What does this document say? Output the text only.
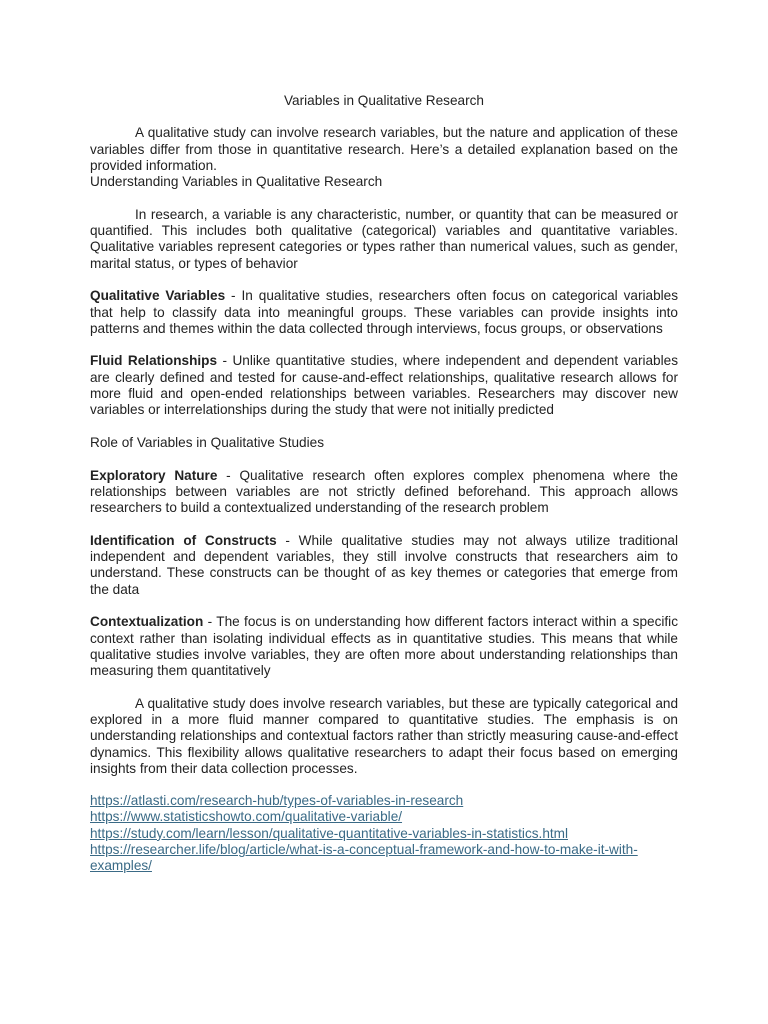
Variables in Qualitative Research

A qualitative study can involve research variables, but the nature and application of these variables differ from those in quantitative research. Here’s a detailed explanation based on the provided information.

Understanding Variables in Qualitative Research

In research, a variable is any characteristic, number, or quantity that can be measured or quantified. This includes both qualitative (categorical) variables and quantitative variables. Qualitative variables represent categories or types rather than numerical values, such as gender, marital status, or types of behavior

Qualitative Variables - In qualitative studies, researchers often focus on categorical variables that help to classify data into meaningful groups. These variables can provide insights into patterns and themes within the data collected through interviews, focus groups, or observations

Fluid Relationships - Unlike quantitative studies, where independent and dependent variables are clearly defined and tested for cause-and-effect relationships, qualitative research allows for more fluid and open-ended relationships between variables. Researchers may discover new variables or interrelationships during the study that were not initially predicted

Role of Variables in Qualitative Studies

Exploratory Nature - Qualitative research often explores complex phenomena where the relationships between variables are not strictly defined beforehand. This approach allows researchers to build a contextualized understanding of the research problem

Identification of Constructs - While qualitative studies may not always utilize traditional independent and dependent variables, they still involve constructs that researchers aim to understand. These constructs can be thought of as key themes or categories that emerge from the data

Contextualization - The focus is on understanding how different factors interact within a specific context rather than isolating individual effects as in quantitative studies. This means that while qualitative studies involve variables, they are often more about understanding relationships than measuring them quantitatively

A qualitative study does involve research variables, but these are typically categorical and explored in a more fluid manner compared to quantitative studies. The emphasis is on understanding relationships and contextual factors rather than strictly measuring cause-and-effect dynamics. This flexibility allows qualitative researchers to adapt their focus based on emerging insights from their data collection processes.

https://atlasti.com/research-hub/types-of-variables-in-research
https://www.statisticshowto.com/qualitative-variable/
https://study.com/learn/lesson/qualitative-quantitative-variables-in-statistics.html
https://researcher.life/blog/article/what-is-a-conceptual-framework-and-how-to-make-it-with-examples/
